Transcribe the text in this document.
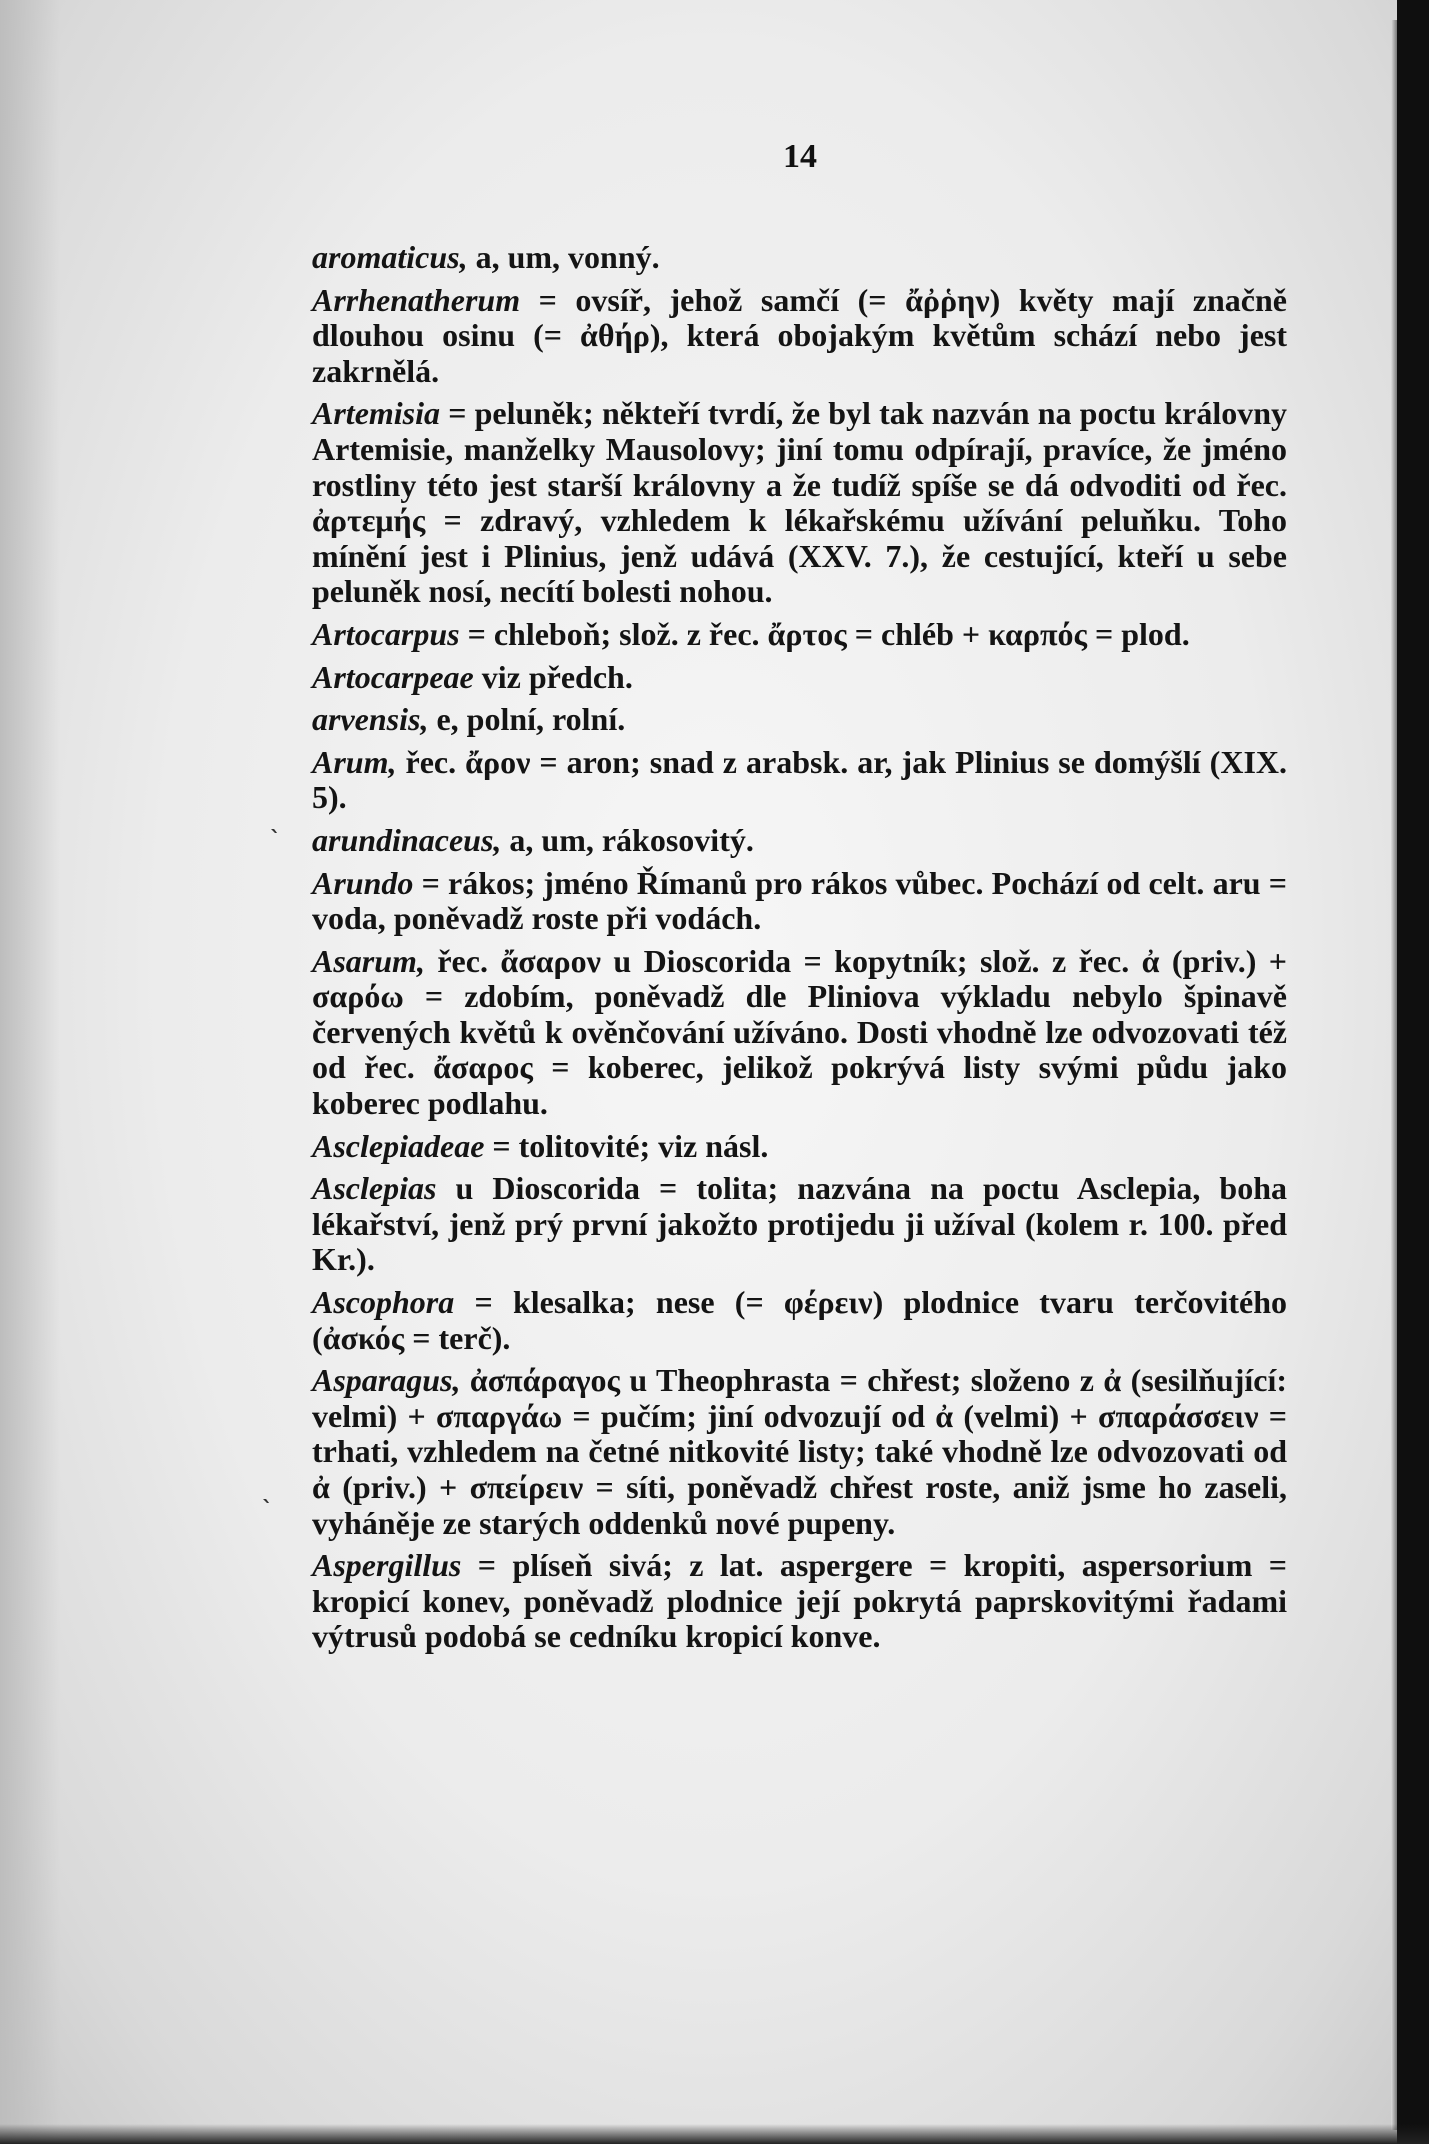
14

aromaticus, a, um, vonný.

Arrhenatherum = ovsíř, jehož samčí (= ἄῤῥην) květy mají značně dlouhou osinu (= ἀθήρ), která obojakým květům schází nebo jest zakrnělá.

Artemisia = peluněk; někteří tvrdí, že byl tak nazván na poctu královny Artemisie, manželky Mausolovy; jiní tomu odpírají, pravíce, že jméno rostliny této jest starší královny a že tudíž spíše se dá odvoditi od řec. ἀρτεμής = zdravý, vzhledem k lékařskému užívání peluňku. Toho mínění jest i Plinius, jenž udává (XXV. 7.), že cestující, kteří u sebe peluněk nosí, necítí bolesti nohou.

Artocarpus = chleboň; slož. z řec. ἄρτος = chléb + καρπός = plod.

Artocarpeae viz předch.

arvensis, e, polní, rolní.

Arum, řec. ἄρον = aron; snad z arabsk. ar, jak Plinius se domýšlí (XIX. 5).

arundinaceus, a, um, rákosovitý.

Arundo = rákos; jméno Římanů pro rákos vůbec. Pochází od celt. aru = voda, poněvadž roste při vodách.

Asarum, řec. ἄσαρον u Dioscorida = kopytník; slož. z řec. ἀ (priv.) + σαρόω = zdobím, poněvadž dle Pliniova výkladu nebylo špinavě červených květů k ověnčování užíváno. Dosti vhodně lze odvozovati též od řec. ἄσαρος = koberec, jelikož pokrývá listy svými půdu jako koberec podlahu.

Asclepiadeae = tolitovité; viz násl.

Asclepias u Dioscorida = tolita; nazvána na poctu Asclepia, boha lékařství, jenž prý první jakožto protijedu ji užíval (kolem r. 100. před Kr.).

Ascophora = klesalka; nese (= φέρειν) plodnice tvaru terčovitého (ἀσκός = terč).

Asparagus, ἀσπάραγος u Theophrasta = chřest; složeno z ἀ (sesilňující: velmi) + σπαργάω = pučím; jiní odvozují od ἀ (velmi) + σπαράσσειν = trhati, vzhledem na četné nitkovité listy; také vhodně lze odvozovati od ἀ (priv.) + σπείρειν = síti, poněvadž chřest roste, aniž jsme ho zaseli, vyháněje ze starých oddenků nové pupeny.

Aspergillus = plíseň sivá; z lat. aspergere = kropiti, aspersorium = kropicí konev, poněvadž plodnice její pokrytá paprskovitými řadami výtrusů podobá se cedníku kropicí konve.

ˋ
ˋ
